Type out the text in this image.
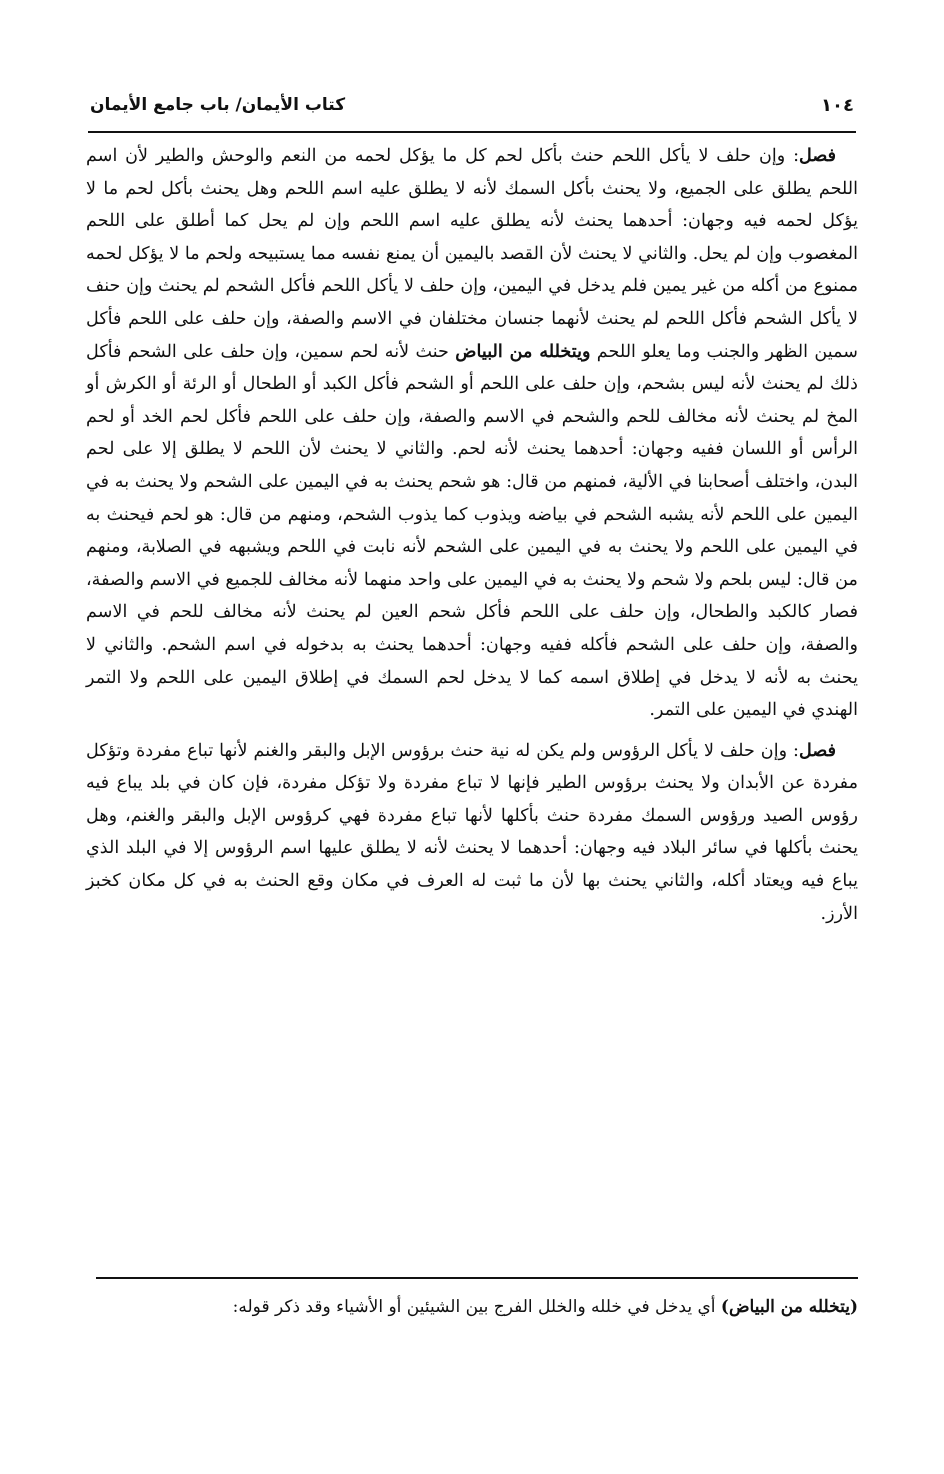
١٠٤
كتاب الأيمان/ باب جامع الأيمان

فصل: وإن حلف لا يأكل اللحم حنث بأكل لحم كل ما يؤكل لحمه من النعم والوحش والطير لأن اسم اللحم يطلق على الجميع، ولا يحنث بأكل السمك لأنه لا يطلق عليه اسم اللحم وهل يحنث بأكل لحم ما لا يؤكل لحمه فيه وجهان: أحدهما يحنث لأنه يطلق عليه اسم اللحم وإن لم يحل كما أطلق على اللحم المغصوب وإن لم يحل. والثاني لا يحنث لأن القصد باليمين أن يمنع نفسه مما يستبيحه ولحم ما لا يؤكل لحمه ممنوع من أكله من غير يمين فلم يدخل في اليمين، وإن حلف لا يأكل اللحم فأكل الشحم لم يحنث وإن حنف لا يأكل الشحم فأكل اللحم لم يحنث لأنهما جنسان مختلفان في الاسم والصفة، وإن حلف على اللحم فأكل سمين الظهر والجنب وما يعلو اللحم ويتخلله من البياض حنث لأنه لحم سمين، وإن حلف على الشحم فأكل ذلك لم يحنث لأنه ليس بشحم، وإن حلف على اللحم أو الشحم فأكل الكبد أو الطحال أو الرئة أو الكرش أو المخ لم يحنث لأنه مخالف للحم والشحم في الاسم والصفة، وإن حلف على اللحم فأكل لحم الخد أو لحم الرأس أو اللسان ففيه وجهان: أحدهما يحنث لأنه لحم. والثاني لا يحنث لأن اللحم لا يطلق إلا على لحم البدن، واختلف أصحابنا في الألية، فمنهم من قال: هو شحم يحنث به في اليمين على الشحم ولا يحنث به في اليمين على اللحم لأنه يشبه الشحم في بياضه ويذوب كما يذوب الشحم، ومنهم من قال: هو لحم فيحنث به في اليمين على اللحم ولا يحنث به في اليمين على الشحم لأنه نابت في اللحم ويشبهه في الصلابة، ومنهم من قال: ليس بلحم ولا شحم ولا يحنث به في اليمين على واحد منهما لأنه مخالف للجميع في الاسم والصفة، فصار كالكبد والطحال، وإن حلف على اللحم فأكل شحم العين لم يحنث لأنه مخالف للحم في الاسم والصفة، وإن حلف على الشحم فأكله ففيه وجهان: أحدهما يحنث به بدخوله في اسم الشحم. والثاني لا يحنث به لأنه لا يدخل في إطلاق اسمه كما لا يدخل لحم السمك في إطلاق اليمين على اللحم ولا التمر الهندي في اليمين على التمر.

فصل: وإن حلف لا يأكل الرؤوس ولم يكن له نية حنث برؤوس الإبل والبقر والغنم لأنها تباع مفردة وتؤكل مفردة عن الأبدان ولا يحنث برؤوس الطير فإنها لا تباع مفردة ولا تؤكل مفردة، فإن كان في بلد يباع فيه رؤوس الصيد ورؤوس السمك مفردة حنث بأكلها لأنها تباع مفردة فهي كرؤوس الإبل والبقر والغنم، وهل يحنث بأكلها في سائر البلاد فيه وجهان: أحدهما لا يحنث لأنه لا يطلق عليها اسم الرؤوس إلا في البلد الذي يباع فيه ويعتاد أكله، والثاني يحنث بها لأن ما ثبت له العرف في مكان وقع الحنث به في كل مكان كخبز الأرز.

(يتخلله من البياض) أي يدخل في خلله والخلل الفرج بين الشيئين أو الأشياء وقد ذكر قوله:
